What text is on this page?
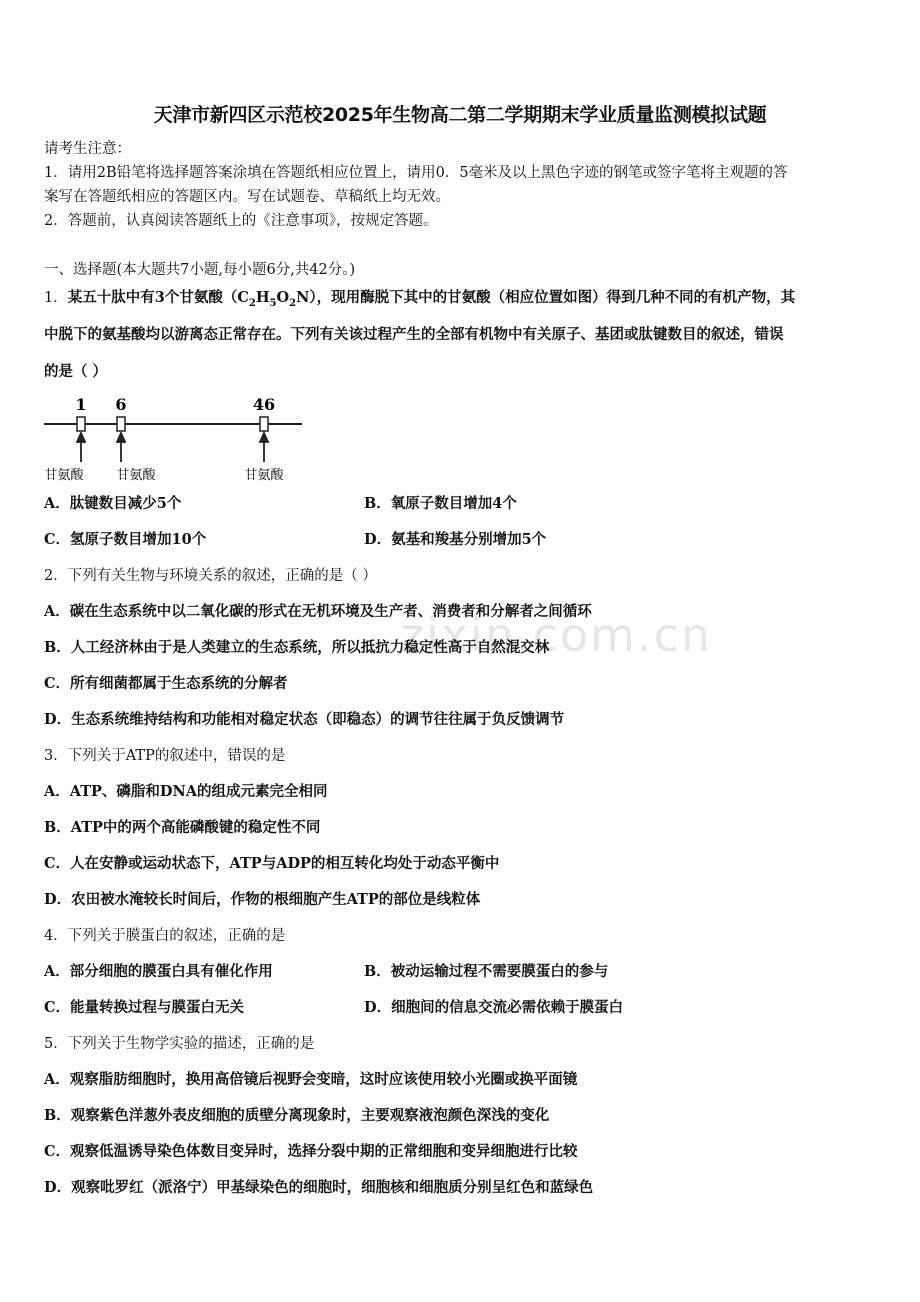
zixin.com.cn
天津市新四区示范校2025年生物高二第二学期期末学业质量监测模拟试题
请考生注意：
1．请用2B铅笔将选择题答案涂填在答题纸相应位置上，请用0．5毫米及以上黑色字迹的钢笔或签字笔将主观题的答
案写在答题纸相应的答题区内。写在试题卷、草稿纸上均无效。
2．答题前，认真阅读答题纸上的《注意事项》，按规定答题。
一、选择题(本大题共7小题,每小题6分,共42分。)
1．某五十肽中有3个甘氨酸$(C_2H_5O_2N)$，现用酶脱下其中的甘氨酸（相应位置如图）得到几种不同的有机产物，其
中脱下的氨基酸均以游离态正常存在。下列有关该过程产生的全部有机物中有关原子、基团或肽键数目的叙述，错误
的是（ ）
1 6	46
甘氨酸	甘氨酸	甘氨酸
A．肽键数目减少5个	B．氧原子数目增加4个
C．氢原子数目增加10个	D．氨基和羧基分别增加5个
2．下列有关生物与环境关系的叙述，正确的是（ ）
A．碳在生态系统中以二氧化碳的形式在无机环境及生产者、消费者和分解者之间循环
B．人工经济林由于是人类建立的生态系统，所以抵抗力稳定性高于自然混交林
C．所有细菌都属于生态系统的分解者
D．生态系统维持结构和功能相对稳定状态（即稳态）的调节往往属于负反馈调节
3．下列关于ATP的叙述中，错误的是
A．ATP、磷脂和DNA的组成元素完全相同
B．ATP中的两个高能磷酸键的稳定性不同
C．人在安静或运动状态下，ATP与ADP的相互转化均处于动态平衡中
D．农田被水淹较长时间后，作物的根细胞产生ATP的部位是线粒体
4．下列关于膜蛋白的叙述，正确的是
A．部分细胞的膜蛋白具有催化作用	B．被动运输过程不需要膜蛋白的参与
C．能量转换过程与膜蛋白无关	D．细胞间的信息交流必需依赖于膜蛋白
5．下列关于生物学实验的描述，正确的是
A．观察脂肪细胞时，换用高倍镜后视野会变暗，这时应该使用较小光圈或换平面镜
B．观察紫色洋葱外表皮细胞的质壁分离现象时，主要观察液泡颜色深浅的变化
C．观察低温诱导染色体数目变异时，选择分裂中期的正常细胞和变异细胞进行比较
D．观察吡罗红（派洛宁）甲基绿染色的细胞时，细胞核和细胞质分别呈红色和蓝绿色
